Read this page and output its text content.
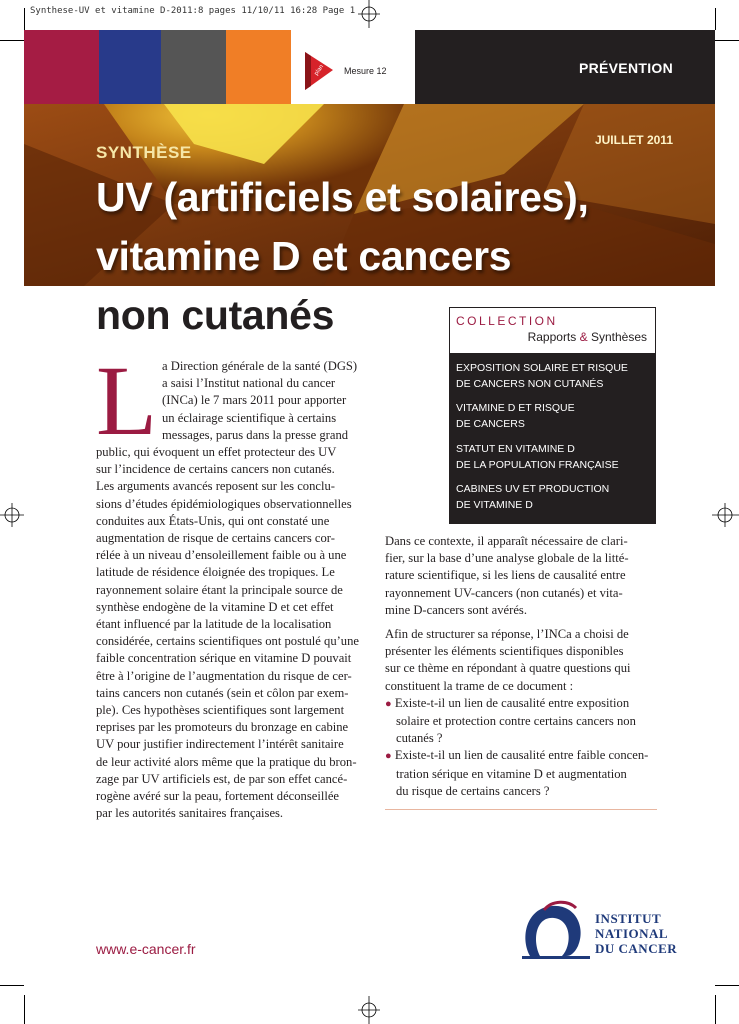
Synthese-UV et vitamine D-2011:8 pages 11/10/11 16:28 Page 1
PRÉVENTION
plan Mesure 12
SYNTHÈSE
JUILLET 2011
UV (artificiels et solaires),
vitamine D et cancers
non cutanés	COLLECTION
Rapports & Synthèses
EXPOSITION SOLAIRE ET RISQUE
DE CANCERS NON CUTANÉS
VITAMINE D ET RISQUE
DE CANCERS
STATUT EN VITAMINE D
DE LA POPULATION FRANÇAISE
CABINES UV ET PRODUCTION
DE VITAMINE D
L a Direction générale de la santé (DGS)
a saisi l’Institut national du cancer
(INCa) le 7 mars 2011 pour apporter
un éclairage scientifique à certains
messages, parus dans la presse grand
public, qui évoquent un effet protecteur des UV
sur l’incidence de certains cancers non cutanés.
Les arguments avancés reposent sur les conclu-
sions d’études épidémiologiques observationnelles
conduites aux États-Unis, qui ont constaté une
augmentation de risque de certains cancers cor-
rélée à un niveau d’ensoleillement faible ou à une
latitude de résidence éloignée des tropiques. Le
rayonnement solaire étant la principale source de
synthèse endogène de la vitamine D et cet effet
étant influencé par la latitude de la localisation
considérée, certains scientifiques ont postulé qu’une
faible concentration sérique en vitamine D pouvait
être à l’origine de l’augmentation du risque de cer-
tains cancers non cutanés (sein et côlon par exem-
ple). Ces hypothèses scientifiques sont largement
reprises par les promoteurs du bronzage en cabine
UV pour justifier indirectement l’intérêt sanitaire
de leur activité alors même que la pratique du bron-
zage par UV artificiels est, de par son effet cancé-
rogène avéré sur la peau, fortement déconseillée
par les autorités sanitaires françaises.
Dans ce contexte, il apparaît nécessaire de clari-
fier, sur la base d’une analyse globale de la litté-
rature scientifique, si les liens de causalité entre
rayonnement UV-cancers (non cutanés) et vita-
mine D-cancers sont avérés.
Afin de structurer sa réponse, l’INCa a choisi de
présenter les éléments scientifiques disponibles
sur ce thème en répondant à quatre questions qui
constituent la trame de ce document :
● Existe-t-il un lien de causalité entre exposition
solaire et protection contre certains cancers non
cutanés ?
● Existe-t-il un lien de causalité entre faible concen-
tration sérique en vitamine D et augmentation
du risque de certains cancers ?
www.e-cancer.fr
INSTITUT
NATIONAL
DU CANCER
